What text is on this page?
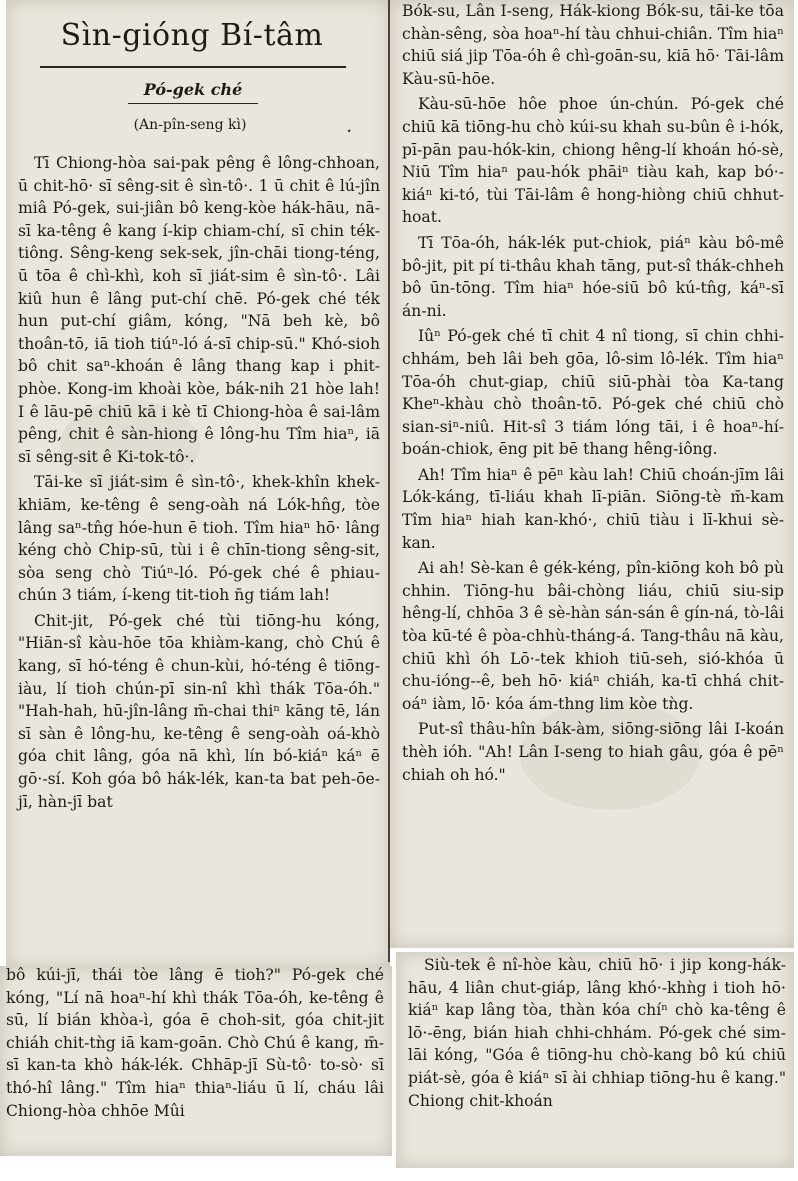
Sìn-gióng Bí-tâm
Pó-gek ché
(An-pîn-seng kì)	⋆

Tī Chiong-hòa sai-pak pêng ê lông-chhoan, ū chit-hō· sī sêng-sit ê sìn-tô·. 1 ū chit ê lú-jîn miâ Pó-gek, sui-jiân bô keng-kòe hák-hāu, nā-sī ka-têng ê kang í-kip chiam-chí, sī chin ték-tiông. Sêng-keng sek-sek, jîn-chāi tiong-téng, ū tōa ê chì-khì, koh sī jiát-sim ê sìn-tô·. Lâi kiû hun ê lâng put-chí chē. Pó-gek ché ték hun put-chí giâm, kóng, "Nā beh kè, bô thoân-tō, iā tioh tiúⁿ-ló á-sī chip-sū." Khó-sioh bô chit saⁿ-khoán ê lâng thang kap i phit-phòe. Kong-im khoài kòe, bák-nih 21 hòe lah! I ê lāu-pē chiū kā i kè tī Chiong-hòa ê sai-lâm pêng, chit ê sàn-hiong ê lông-hu Tîm hiaⁿ, iā sī sêng-sit ê Ki-tok-tô·.

Tāi-ke sī jiát-sim ê sìn-tô·, khek-khîn khek-khiām, ke-têng ê seng-oàh ná Lók-hn̂g, tòe lâng saⁿ-tn̂g hóe-hun ē tioh. Tîm hiaⁿ hō· lâng kéng chò Chip-sū, tùi i ê chīn-tiong sêng-sit, sòa seng chò Tiúⁿ-ló. Pó-gek ché ê phiau-chún 3 tiám, í-keng tit-tioh n̄g tiám lah!

Chit-jit, Pó-gek ché tùi tiōng-hu kóng, "Hiān-sî kàu-hōe tōa khiàm-kang, chò Chú ê kang, sī hó-téng ê chun-kùi, hó-téng ê tiōng-iàu, lí tioh chún-pī sin-nî khì thák Tōa-óh." "Hah-hah, hū-jîn-lâng m̄-chai thiⁿ kāng tē, lán sī sàn ê lông-hu, ke-têng ê seng-oàh oá-khò góa chit lâng, góa nā khì, lín bó-kiáⁿ káⁿ ē gō·-sí. Koh góa bô hák-lék, kan-ta bat peh-ōe-jī, hàn-jī bat

bô kúi-jī, thái tòe lâng ē tioh?" Pó-gek ché kóng, "Lí nā hoaⁿ-hí khì thák Tōa-óh, ke-têng ê sū, lí bián khòa-ì, góa ē choh-sit, góa chit-jit chiáh chit-tǹg iā kam-goān. Chò Chú ê kang, m̄-sī kan-ta khò hák-lék. Chhāp-jī Sù-tô· to-sò· sī thó-hî lâng." Tîm hiaⁿ thiaⁿ-liáu ū lí, cháu lâi Chiong-hòa chhōe Mûi

Bók-su, Lân I-seng, Hák-kiong Bók-su, tāi-ke tōa chàn-sêng, sòa hoaⁿ-hí tàu chhui-chiân. Tîm hiaⁿ chiū siá jip Tōa-óh ê chì-goān-su, kiā hō· Tāi-lâm Kàu-sū-hōe.

Kàu-sū-hōe hôe phoe ún-chún. Pó-gek ché chiū kā tiōng-hu chò kúi-su khah su-bûn ê i-hók, pī-pān pau-hók-kin, chiong hêng-lí khoán hó-sè, Niū Tîm hiaⁿ pau-hók phāiⁿ tiàu kah, kap bó·-kiáⁿ ki-tó, tùi Tāi-lâm ê hong-hiòng chiū chhut-hoat.

Tī Tōa-óh, hák-lék put-chiok, piáⁿ kàu bô-mê bô-jit, pit pí ti-thâu khah tāng, put-sî thák-chheh bô ūn-tōng. Tîm hiaⁿ hóe-siū bô kú-tn̂g, káⁿ-sī án-ni.

Iûⁿ Pó-gek ché tī chit 4 nî tiong, sī chin chhi-chhám, beh lâi beh gōa, lô-sim lô-lék. Tîm hiaⁿ Tōa-óh chut-giap, chiū siū-phài tòa Ka-tang Kheⁿ-khàu chò thoân-tō. Pó-gek ché chiū chò sian-siⁿ-niû. Hit-sî 3 tiám lóng tāi, i ê hoaⁿ-hí-boán-chiok, ēng pit bē thang hêng-iông.

Ah! Tîm hiaⁿ ê pēⁿ kàu lah! Chiū choán-jīm lâi Lók-káng, tī-liáu khah lī-piān. Siōng-tè m̄-kam Tîm hiaⁿ hiah kan-khó·, chiū tiàu i lī-khui sè-kan.

Ai ah! Sè-kan ê gék-kéng, pîn-kiōng koh bô pù chhin. Tiōng-hu bâi-chòng liáu, chiū siu-sip hêng-lí, chhōa 3 ê sè-hàn sán-sán ê gín-ná, tò-lâi tòa kū-té ê pòa-chhù-tháng-á. Tang-thâu nā kàu, chiū khì óh Lō·-tek khioh tiū-seh, sió-khóa ū chu-ióng--ê, beh hō· kiáⁿ chiáh, ka-tī chhá chit-oáⁿ iàm, lō· kóa ám-thng lim kòe tǹg.

Put-sî thâu-hîn bák-àm, siōng-siōng lâi I-koán thèh ióh. "Ah! Lân I-seng to hiah gâu, góa ê pēⁿ chiah oh hó."

Siù-tek ê nî-hòe kàu, chiū hō· i jip kong-hák-hāu, 4 liân chut-giáp, lâng khó·-khǹg i tioh hō· kiáⁿ kap lâng tòa, thàn kóa chíⁿ chò ka-têng ê lō·-ēng, bián hiah chhi-chhám. Pó-gek ché sim-lāi kóng, "Góa ê tiōng-hu chò-kang bô kú chiū piát-sè, góa ê kiáⁿ sī ài chhiap tiōng-hu ê kang." Chiong chit-khoán
